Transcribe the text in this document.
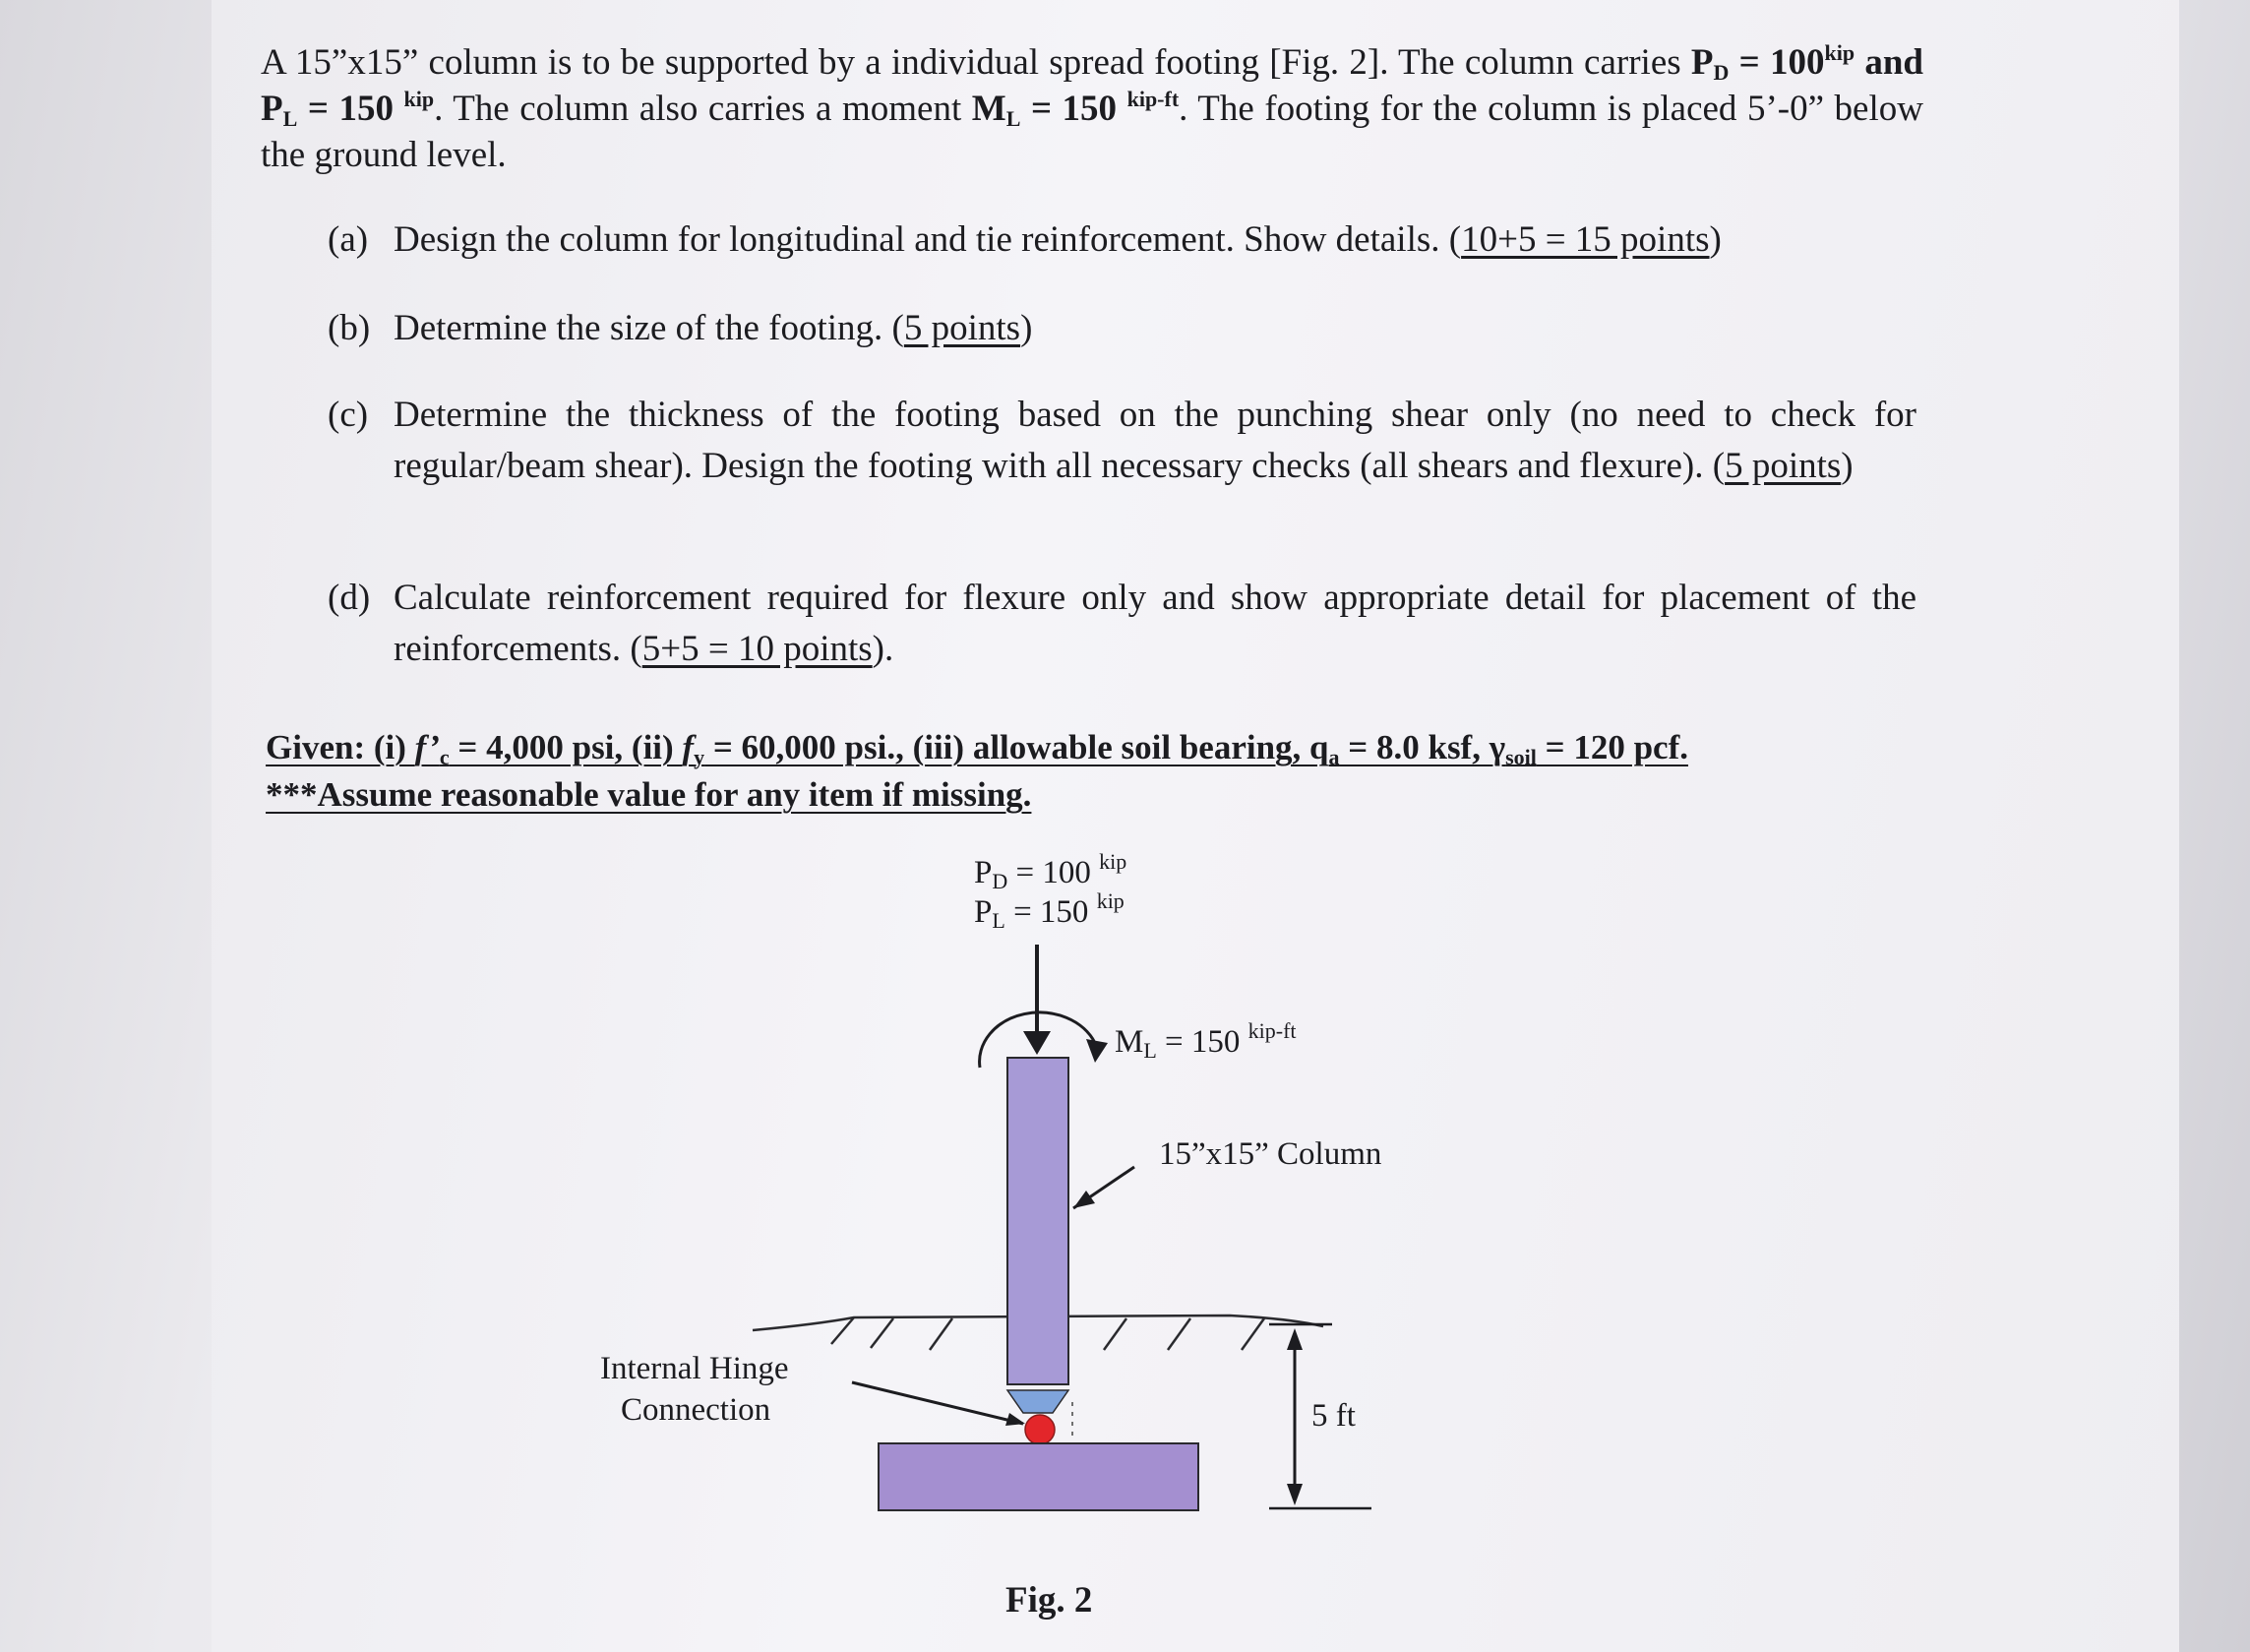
A 15”x15” column is to be supported by a individual spread footing [Fig. 2]. The column carries $P_D = 100^{kip}$ and $P_L = 150$ $^{kip}$. The column also carries a moment $M_L = 150$ $^{kip-ft}$. The footing for the column is placed 5’-0” below the ground level.
(a) Design the column for longitudinal and tie reinforcement. Show details. (10+5 = 15 points)
(b) Determine the size of the footing. (5 points)
(c) Determine the thickness of the footing based on the punching shear only (no need to check for regular/beam shear). Design the footing with all necessary checks (all shears and flexure). (5 points)
(d) Calculate reinforcement required for flexure only and show appropriate detail for placement of the reinforcements. (5+5 = 10 points).
Given: (i) $f’_c = 4,000$ psi, (ii) $f_y = 60,000$ psi., (iii) allowable soil bearing, $q_a = 8.0$ ksf, $\gamma_{soil} = 120$ pcf.
***Assume reasonable value for any item if missing.
$P_D = 100$ $^{kip}$
$P_L = 150$ $^{kip}$
$M_L = 150$ $^{kip-ft}$
15”x15” Column
Internal Hinge
Connection	5 ft
Fig. 2
